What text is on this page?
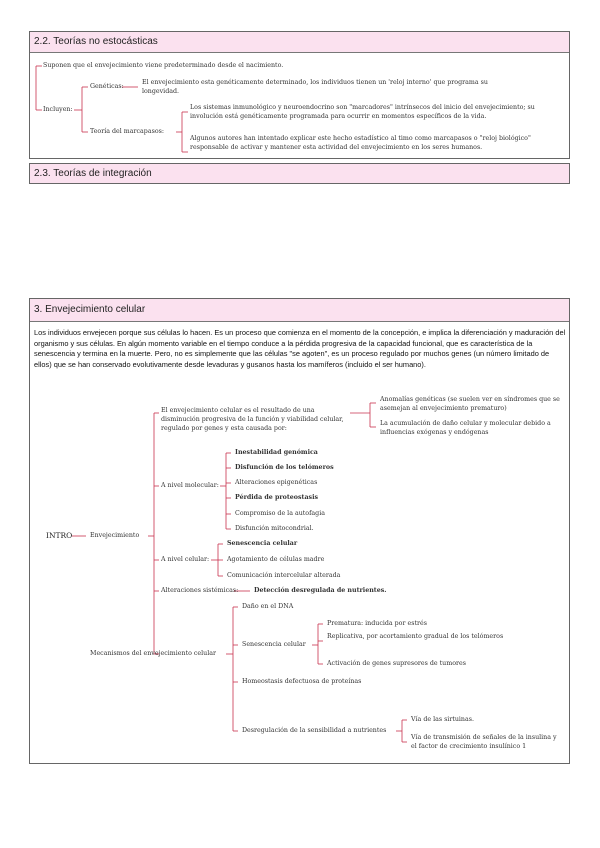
2.2. Teorías no estocásticas
Suponen que el envejecimiento viene predeterminado desde el nacimiento.
Incluyen:
Genéticas:
El envejecimiento esta genéticamente determinado, los individuos tienen un 'reloj interno' que programa su longevidad.
Teoría del marcapasos:
Los sistemas inmunológico y neuroendocrino son "marcadores" intrínsecos del inicio del envejecimiento; su involución está genéticamente programada para ocurrir en momentos específicos de la vida.
Algunos autores han intentado explicar este hecho estadístico al timo como marcapasos o "reloj biológico" responsable de activar y mantener esta actividad del envejecimiento en los seres humanos.
2.3. Teorías de integración
3. Envejecimiento celular
Los individuos envejecen porque sus células lo hacen. Es un proceso que comienza en el momento de la concepción, e implica la diferenciación y maduración del organismo y sus células. En algún momento variable en el tiempo conduce a la pérdida progresiva de la capacidad funcional, que es característica de la senescencia y termina en la muerte. Pero, no es simplemente que las células "se agoten", es un proceso regulado por muchos genes (un número limitado de ellos) que se han conservado evolutivamente desde levaduras y gusanos hasta los mamíferos (incluido el ser humano).
INTRO	Envejecimiento
El envejecimiento celular es el resultado de una disminución progresiva de la función y viabilidad celular, regulado por genes y esta causada por:
Anomalías genéticas (se suelen ver en síndromes que se asemejan al envejecimiento prematuro)
La acumulación de daño celular y molecular debido a influencias exógenas y endógenas
A nivel molecular:
Inestabilidad genómica
Disfunción de los telómeros
Alteraciones epigenéticas
Pérdida de proteostasis
Compromiso de la autofagia
Disfunción mitocondrial.
A nivel celular:
Senescencia celular
Agotamiento de células madre
Comunicación intercelular alterada
Alteraciones sistémicas: Detección desregulada de nutrientes.
Mecanismos del envejecimiento celular
Daño en el DNA
Senescencia celular
Prematura: inducida por estrés
Replicativa, por acortamiento gradual de los telómeros
Activación de genes supresores de tumores
Homeostasis defectuosa de proteínas
Desregulación de la sensibilidad a nutrientes
Vía de las sirtuinas.
Vía de transmisión de señales de la insulina y el factor de crecimiento insulínico 1
